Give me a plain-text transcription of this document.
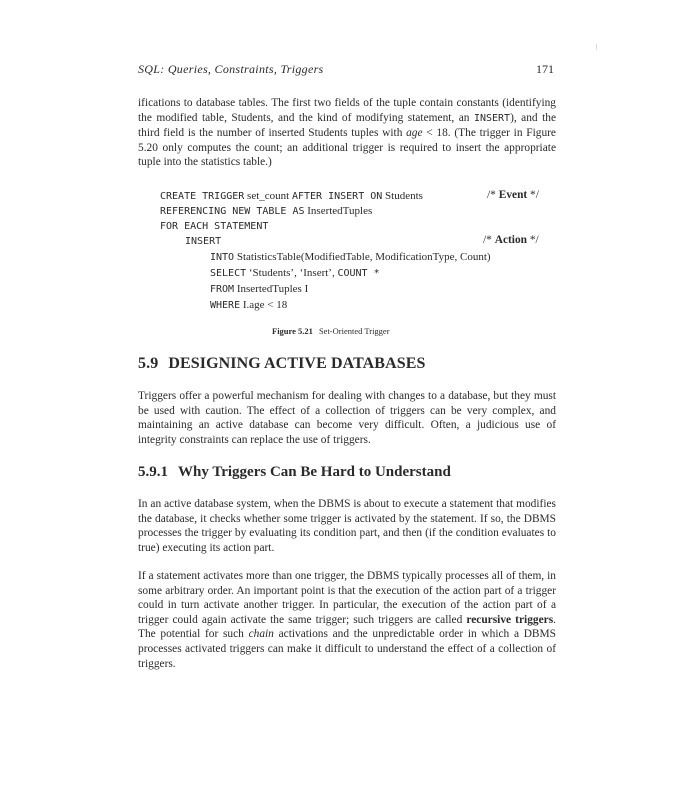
SQL: Queries, Constraints, Triggers	171

ifications to database tables. The first two fields of the tuple contain constants (identifying the modified table, Students, and the kind of modifying statement, an INSERT), and the third field is the number of inserted Students tuples with age < 18. (The trigger in Figure 5.20 only computes the count; an additional trigger is required to insert the appropriate tuple into the statistics table.)

CREATE TRIGGER set_count AFTER INSERT ON Students	/* Event */
REFERENCING NEW TABLE AS InsertedTuples
FOR EACH STATEMENT
INSERT	/* Action */
INTO StatisticsTable(ModifiedTable, ModificationType, Count)
SELECT ‘Students’, ‘Insert’, COUNT *
FROM InsertedTuples I
WHERE I.age < 18
Figure 5.21 Set-Oriented Trigger
5.9 DESIGNING ACTIVE DATABASES

Triggers offer a powerful mechanism for dealing with changes to a database, but they must be used with caution. The effect of a collection of triggers can be very complex, and maintaining an active database can become very difficult. Often, a judicious use of integrity constraints can replace the use of triggers.

5.9.1 Why Triggers Can Be Hard to Understand

In an active database system, when the DBMS is about to execute a statement that modifies the database, it checks whether some trigger is activated by the statement. If so, the DBMS processes the trigger by evaluating its condition part, and then (if the condition evaluates to true) executing its action part.

If a statement activates more than one trigger, the DBMS typically processes all of them, in some arbitrary order. An important point is that the execution of the action part of a trigger could in turn activate another trigger. In particular, the execution of the action part of a trigger could again activate the same trigger; such triggers are called recursive triggers. The potential for such chain activations and the unpredictable order in which a DBMS processes activated triggers can make it difficult to understand the effect of a collection of triggers.
